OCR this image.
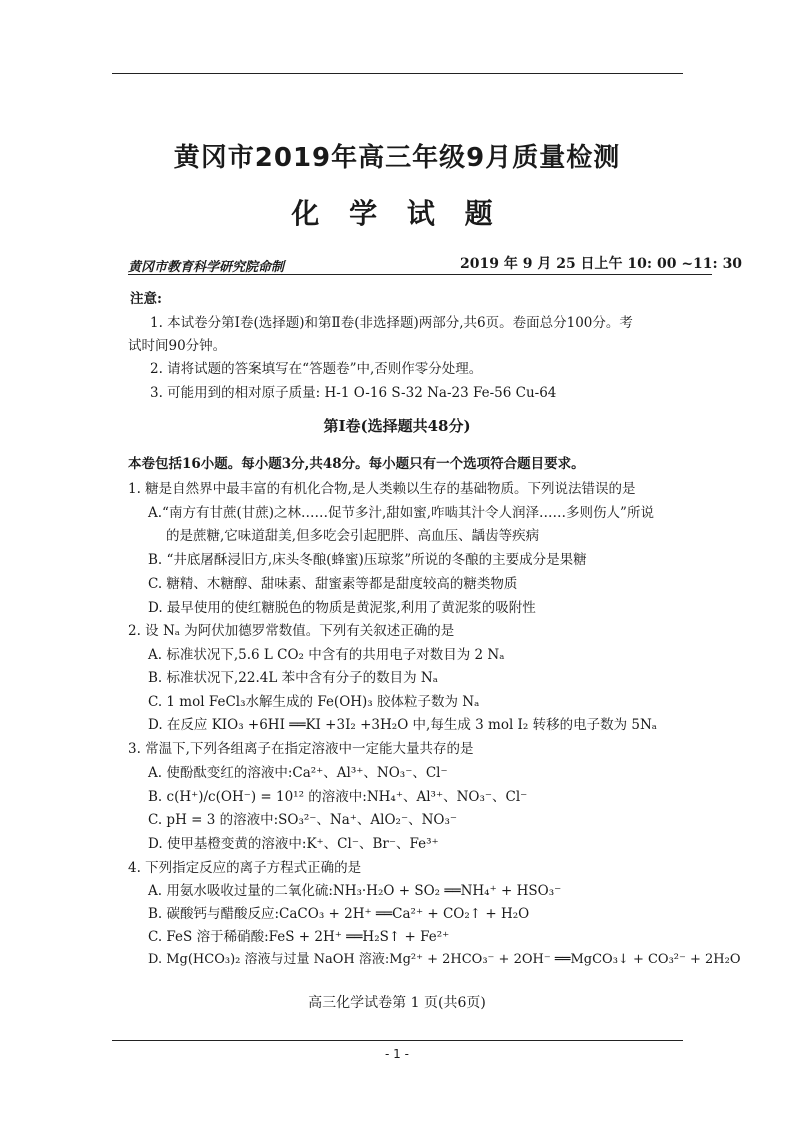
黄冈市2019年高三年级9月质量检测
化 学 试 题
黄冈市教育科学研究院命制	2019 年 9 月 25 日上午 10: 00 ~11: 30
注意:
1. 本试卷分第Ⅰ卷(选择题)和第Ⅱ卷(非选择题)两部分,共6页。卷面总分100分。考
试时间90分钟。
2. 请将试题的答案填写在“答题卷”中,否则作零分处理。
3. 可能用到的相对原子质量: H-1 O-16 S-32 Na-23 Fe-56 Cu-64
第Ⅰ卷(选择题共48分)
本卷包括16小题。每小题3分,共48分。每小题只有一个选项符合题目要求。
1. 糖是自然界中最丰富的有机化合物,是人类赖以生存的基础物质。下列说法错误的是
A.“南方有甘蔗(甘蔗)之林……促节多汁,甜如蜜,咋啮其汁令人润泽……多则伤人”所说
的是蔗糖,它味道甜美,但多吃会引起肥胖、高血压、龋齿等疾病
B. “井底屠酥浸旧方,床头冬酿(蜂蜜)压琼浆”所说的冬酿的主要成分是果糖
C. 糖精、木糖醇、甜味素、甜蜜素等都是甜度较高的糖类物质
D. 最早使用的使红糖脱色的物质是黄泥浆,利用了黄泥浆的吸附性
2. 设 Nₐ 为阿伏加德罗常数值。下列有关叙述正确的是
A. 标准状况下,5.6 L CO₂ 中含有的共用电子对数目为 2 Nₐ
B. 标准状况下,22.4L 苯中含有分子的数目为 Nₐ
C. 1 mol FeCl₃水解生成的 Fe(OH)₃ 胶体粒子数为 Nₐ
D. 在反应 KIO₃ +6HI ══KI +3I₂ +3H₂O 中,每生成 3 mol I₂ 转移的电子数为 5Nₐ
3. 常温下,下列各组离子在指定溶液中一定能大量共存的是
A. 使酚酞变红的溶液中:Ca²⁺、Al³⁺、NO₃⁻、Cl⁻
B. c(H⁺)/c(OH⁻) = 10¹² 的溶液中:NH₄⁺、Al³⁺、NO₃⁻、Cl⁻
C. pH = 3 的溶液中:SO₃²⁻、Na⁺、AlO₂⁻、NO₃⁻
D. 使甲基橙变黄的溶液中:K⁺、Cl⁻、Br⁻、Fe³⁺
4. 下列指定反应的离子方程式正确的是
A. 用氨水吸收过量的二氧化硫:NH₃·H₂O + SO₂ ══NH₄⁺ + HSO₃⁻
B. 碳酸钙与醋酸反应:CaCO₃ + 2H⁺ ══Ca²⁺ + CO₂↑ + H₂O
C. FeS 溶于稀硝酸:FeS + 2H⁺ ══H₂S↑ + Fe²⁺
D. Mg(HCO₃)₂ 溶液与过量 NaOH 溶液:Mg²⁺ + 2HCO₃⁻ + 2OH⁻ ══MgCO₃↓ + CO₃²⁻ + 2H₂O
高三化学试卷第 1 页(共6页)
- 1 -
